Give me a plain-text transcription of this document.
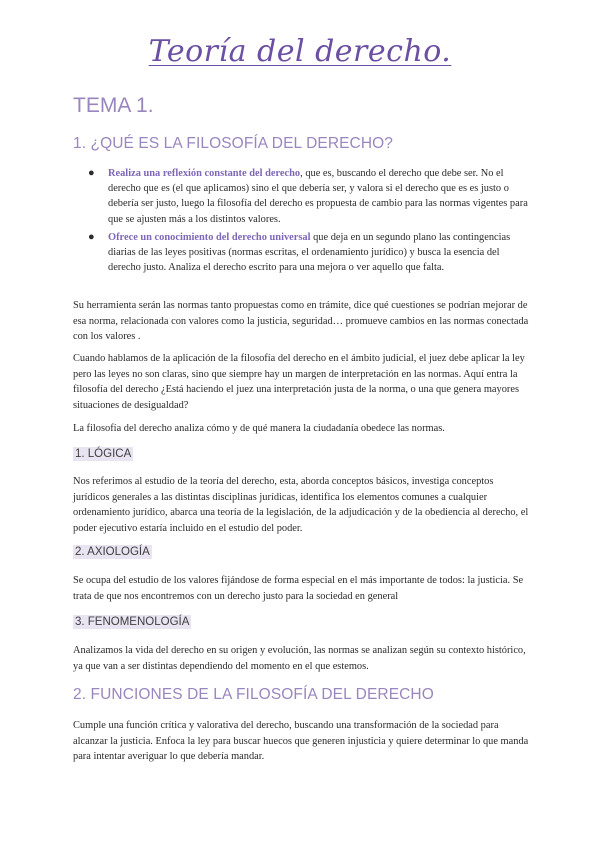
Teoría del derecho.
TEMA 1.
1. ¿QUÉ ES LA FILOSOFÍA DEL DERECHO?
● Realiza una reflexión constante del derecho, que es, buscando el derecho que debe ser. No el derecho que es (el que aplicamos) sino el que debería ser, y valora si el derecho que es es justo o debería ser justo, luego la filosofía del derecho es propuesta de cambio para las normas vigentes para que se ajusten más a los distintos valores.
● Ofrece un conocimiento del derecho universal que deja en un segundo plano las contingencias diarias de las leyes positivas (normas escritas, el ordenamiento jurídico) y busca la esencia del derecho justo. Analiza el derecho escrito para una mejora o ver aquello que falta.

Su herramienta serán las normas tanto propuestas como en trámite, dice qué cuestiones se podrían mejorar de esa norma, relacionada con valores como la justicia, seguridad… promueve cambios en las normas conectada con los valores .

Cuando hablamos de la aplicación de la filosofía del derecho en el ámbito judicial, el juez debe aplicar la ley pero las leyes no son claras, sino que siempre hay un margen de interpretación en las normas. Aquí entra la filosofía del derecho ¿Está haciendo el juez una interpretación justa de la norma, o una que genera mayores situaciones de desigualdad?

La filosofía del derecho analiza cómo y de qué manera la ciudadanía obedece las normas.

1. LÓGICA

Nos referimos al estudio de la teoría del derecho, esta, aborda conceptos básicos, investiga conceptos jurídicos generales a las distintas disciplinas jurídicas, identifica los elementos comunes a cualquier ordenamiento jurídico, abarca una teoría de la legislación, de la adjudicación y de la obediencia al derecho, el poder ejecutivo estaría incluido en el estudio del poder.

2. AXIOLOGÍA

Se ocupa del estudio de los valores fijándose de forma especial en el más importante de todos: la justicia. Se trata de que nos encontremos con un derecho justo para la sociedad en general

3. FENOMENOLOGÍA

Analizamos la vida del derecho en su origen y evolución, las normas se analizan según su contexto histórico, ya que van a ser distintas dependiendo del momento en el que estemos.

2. FUNCIONES DE LA FILOSOFÍA DEL DERECHO

Cumple una función crítica y valorativa del derecho, buscando una transformación de la sociedad para alcanzar la justicia. Enfoca la ley para buscar huecos que generen injusticia y quiere determinar lo que manda para intentar averiguar lo que debería mandar.
